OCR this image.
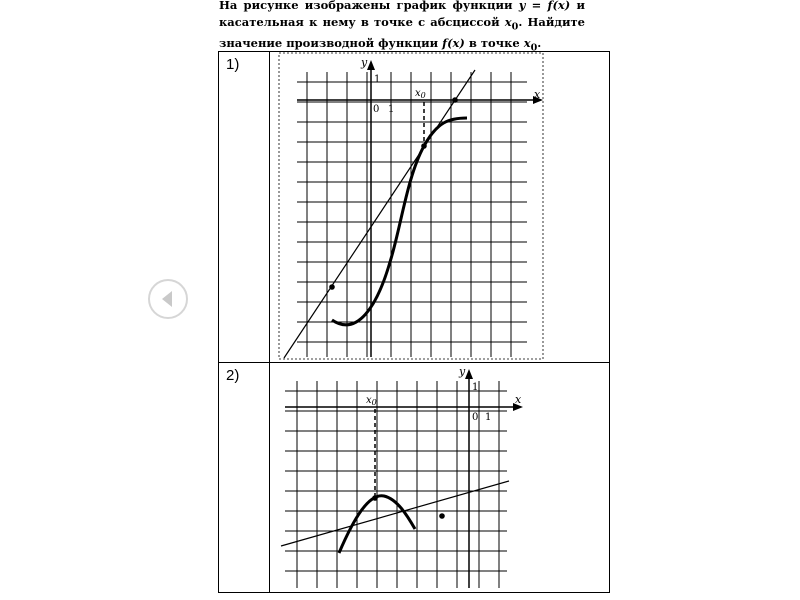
На рисунке изображены график функции y = f(x) и касательная к нему в точке с абсциссой $x_0$. Найдите значение производной функции f(x) в точке $x_0$.
1)	y
x
1
0 1
$x_0$
2)	y
x
1
0 1
$x_0$
